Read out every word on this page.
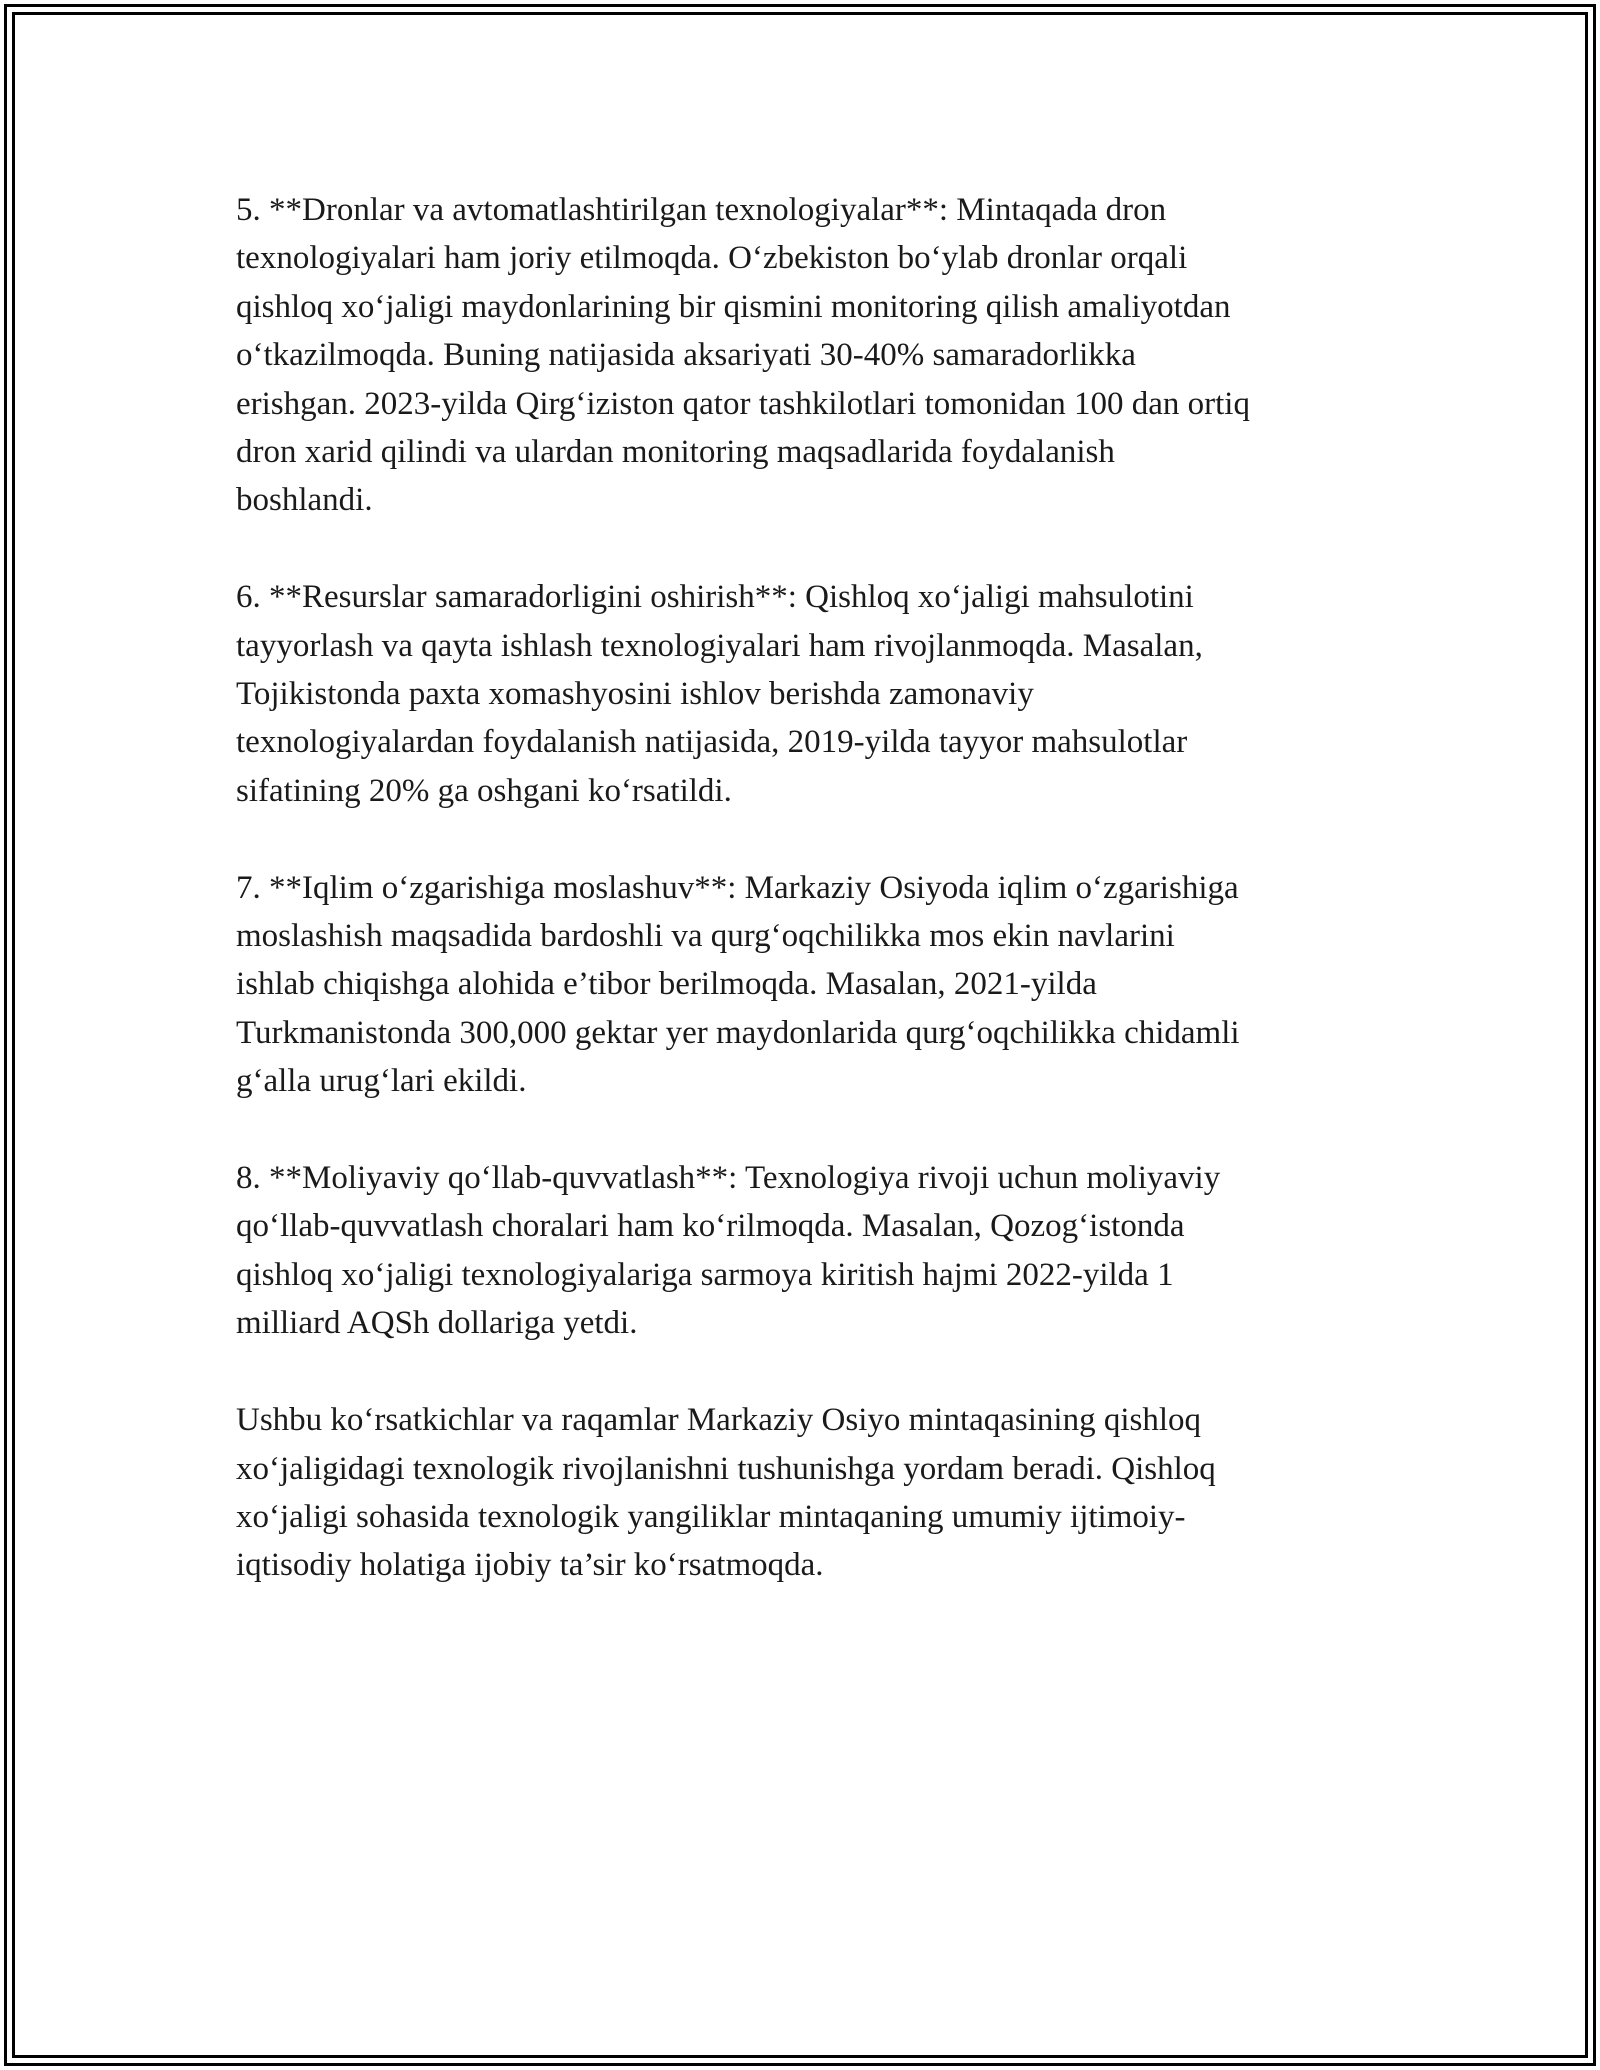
5. **Dronlar va avtomatlashtirilgan texnologiyalar**: Mintaqada dron
texnologiyalari ham joriy etilmoqda. O‘zbekiston bo‘ylab dronlar orqali
qishloq xo‘jaligi maydonlarining bir qismini monitoring qilish amaliyotdan
o‘tkazilmoqda. Buning natijasida aksariyati 30-40% samaradorlikka
erishgan. 2023-yilda Qirg‘iziston qator tashkilotlari tomonidan 100 dan ortiq
dron xarid qilindi va ulardan monitoring maqsadlarida foydalanish
boshlandi.

6. **Resurslar samaradorligini oshirish**: Qishloq xo‘jaligi mahsulotini
tayyorlash va qayta ishlash texnologiyalari ham rivojlanmoqda. Masalan,
Tojikistonda paxta xomashyosini ishlov berishda zamonaviy
texnologiyalardan foydalanish natijasida, 2019-yilda tayyor mahsulotlar
sifatining 20% ga oshgani ko‘rsatildi.

7. **Iqlim o‘zgarishiga moslashuv**: Markaziy Osiyoda iqlim o‘zgarishiga
moslashish maqsadida bardoshli va qurg‘oqchilikka mos ekin navlarini
ishlab chiqishga alohida e’tibor berilmoqda. Masalan, 2021-yilda
Turkmanistonda 300,000 gektar yer maydonlarida qurg‘oqchilikka chidamli
g‘alla urug‘lari ekildi.

8. **Moliyaviy qo‘llab-quvvatlash**: Texnologiya rivoji uchun moliyaviy
qo‘llab-quvvatlash choralari ham ko‘rilmoqda. Masalan, Qozog‘istonda
qishloq xo‘jaligi texnologiyalariga sarmoya kiritish hajmi 2022-yilda 1
milliard AQSh dollariga yetdi.

Ushbu ko‘rsatkichlar va raqamlar Markaziy Osiyo mintaqasining qishloq
xo‘jaligidagi texnologik rivojlanishni tushunishga yordam beradi. Qishloq
xo‘jaligi sohasida texnologik yangiliklar mintaqaning umumiy ijtimoiy-
iqtisodiy holatiga ijobiy ta’sir ko‘rsatmoqda.
